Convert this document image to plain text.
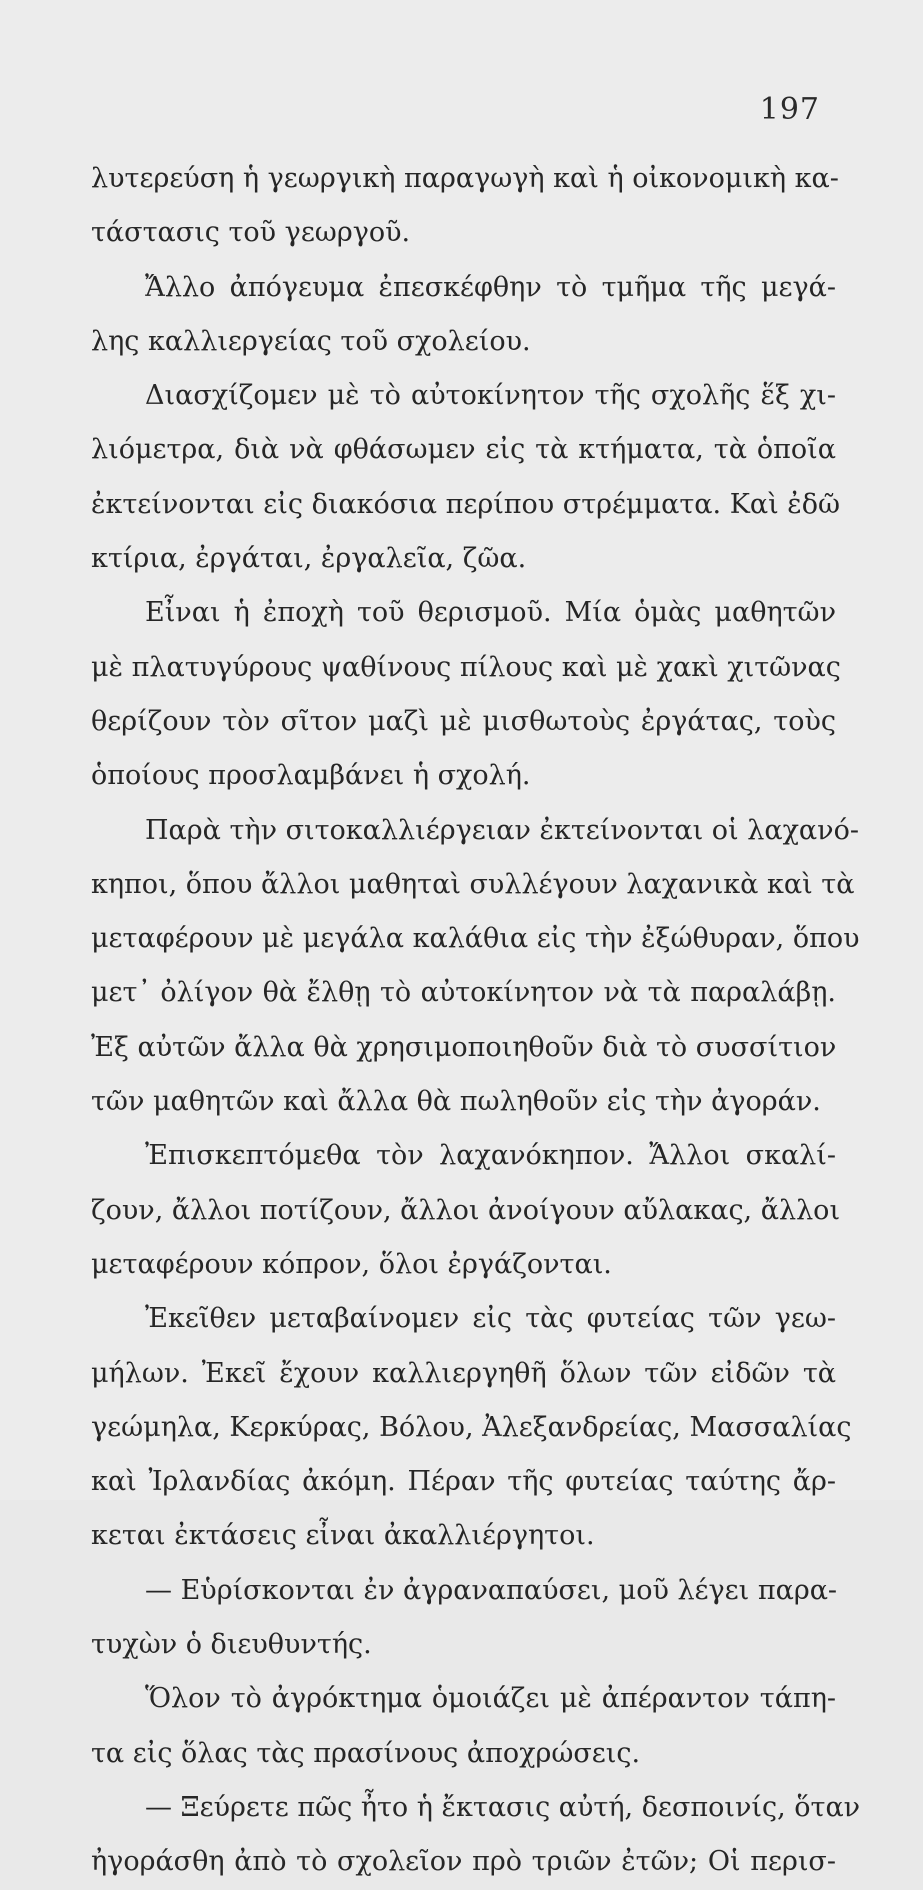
197
λυτερεύση ἡ γεωργικὴ παραγωγὴ καὶ ἡ οἰκονομικὴ κα-
τάστασις τοῦ γεωργοῦ.
Ἄλλο ἀπόγευμα ἐπεσκέφθην τὸ τμῆμα τῆς μεγά-
λης καλλιεργείας τοῦ σχολείου.
Διασχίζομεν μὲ τὸ αὐτοκίνητον τῆς σχολῆς ἕξ χι-
λιόμετρα, διὰ νὰ φθάσωμεν εἰς τὰ κτήματα, τὰ ὁποῖα
ἐκτείνονται εἰς διακόσια περίπου στρέμματα. Καὶ ἐδῶ
κτίρια, ἐργάται, ἐργαλεῖα, ζῶα.
Εἶναι ἡ ἐποχὴ τοῦ θερισμοῦ. Μία ὁμὰς μαθητῶν
μὲ πλατυγύρους ψαθίνους πίλους καὶ μὲ χακὶ χιτῶνας
θερίζουν τὸν σῖτον μαζὶ μὲ μισθωτοὺς ἐργάτας, τοὺς
ὁποίους προσλαμβάνει ἡ σχολή.
Παρὰ τὴν σιτοκαλλιέργειαν ἐκτείνονται οἱ λαχανό-
κηποι, ὅπου ἄλλοι μαθηταὶ συλλέγουν λαχανικὰ καὶ τὰ
μεταφέρουν μὲ μεγάλα καλάθια εἰς τὴν ἐξώθυραν, ὅπου
μετ᾽ ὀλίγον θὰ ἔλθῃ τὸ αὐτοκίνητον νὰ τὰ παραλάβῃ.
Ἐξ αὐτῶν ἄλλα θὰ χρησιμοποιηθοῦν διὰ τὸ συσσίτιον
τῶν μαθητῶν καὶ ἄλλα θὰ πωληθοῦν εἰς τὴν ἀγοράν.
Ἐπισκεπτόμεθα τὸν λαχανόκηπον. Ἄλλοι σκαλί-
ζουν, ἄλλοι ποτίζουν, ἄλλοι ἀνοίγουν αὔλακας, ἄλλοι
μεταφέρουν κόπρον, ὅλοι ἐργάζονται.
Ἐκεῖθεν μεταβαίνομεν εἰς τὰς φυτείας τῶν γεω-
μήλων. Ἐκεῖ ἔχουν καλλιεργηθῆ ὅλων τῶν εἰδῶν τὰ
γεώμηλα, Κερκύρας, Βόλου, Ἀλεξανδρείας, Μασσαλίας
καὶ Ἰρλανδίας ἀκόμη. Πέραν τῆς φυτείας ταύτης ἄρ-
κεται ἐκτάσεις εἶναι ἀκαλλιέργητοι.
— Εὑρίσκονται ἐν ἀγραναπαύσει, μοῦ λέγει παρα-
τυχὼν ὁ διευθυντής.
Ὅλον τὸ ἀγρόκτημα ὁμοιάζει μὲ ἀπέραντον τάπη-
τα εἰς ὅλας τὰς πρασίνους ἀποχρώσεις.
— Ξεύρετε πῶς ἦτο ἡ ἔκτασις αὐτή, δεσποινίς, ὅταν
ἠγοράσθη ἀπὸ τὸ σχολεῖον πρὸ τριῶν ἐτῶν; Οἱ περισ-
